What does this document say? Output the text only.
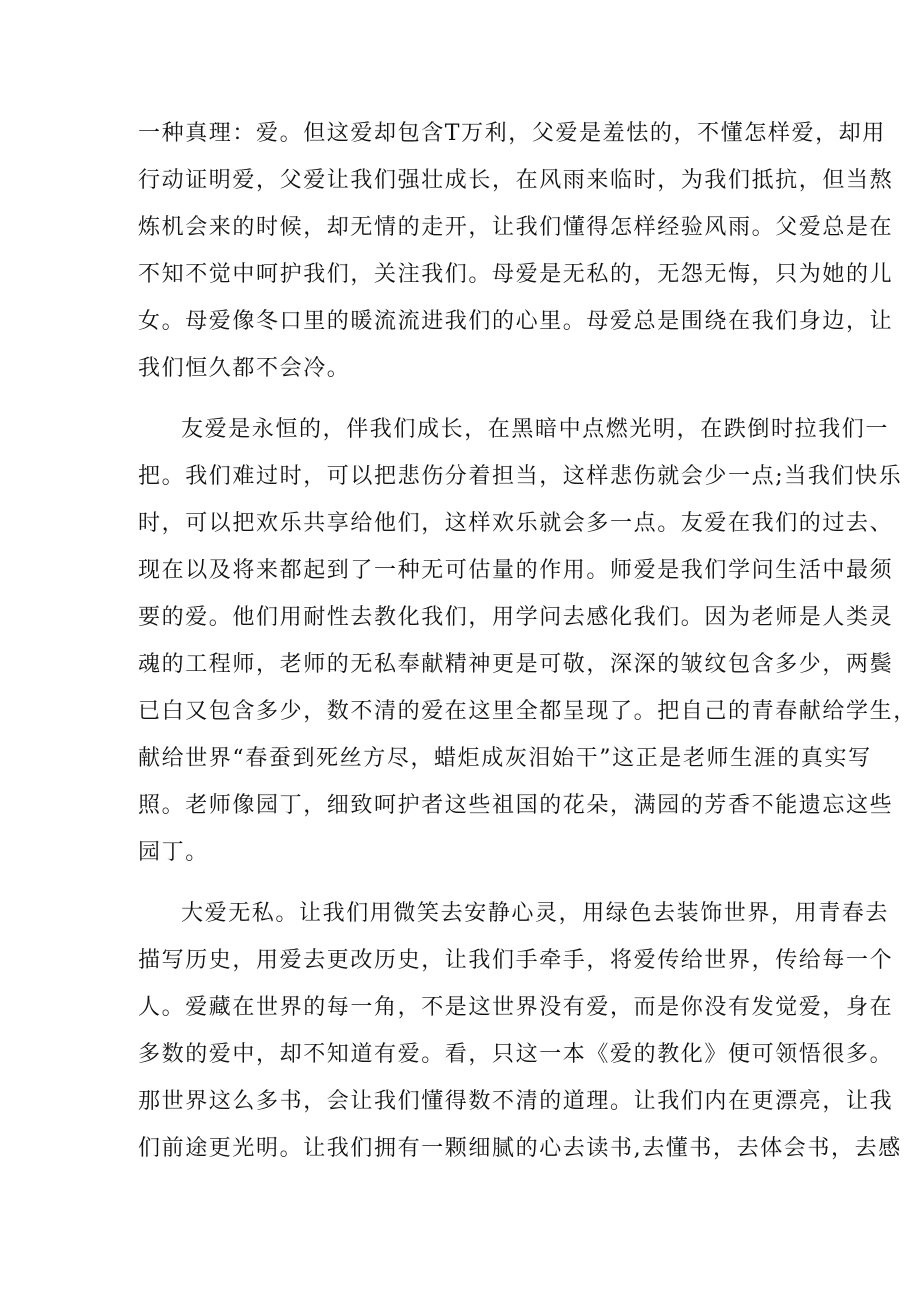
一种真理：爱。但这爱却包含T万利，父爱是羞怯的，不懂怎样爱，却用
行动证明爱，父爱让我们强壮成长，在风雨来临时，为我们抵抗，但当熬
炼机会来的时候，却无情的走开，让我们懂得怎样经验风雨。父爱总是在
不知不觉中呵护我们，关注我们。母爱是无私的，无怨无悔，只为她的儿
女。母爱像冬口里的暖流流进我们的心里。母爱总是围绕在我们身边，让
我们恒久都不会冷。
友爱是永恒的，伴我们成长，在黑暗中点燃光明，在跌倒时拉我们一
把。我们难过时，可以把悲伤分着担当，这样悲伤就会少一点;当我们快乐
时，可以把欢乐共享给他们，这样欢乐就会多一点。友爱在我们的过去、
现在以及将来都起到了一种无可估量的作用。师爱是我们学问生活中最须
要的爱。他们用耐性去教化我们，用学问去感化我们。因为老师是人类灵
魂的工程师，老师的无私奉献精神更是可敬，深深的皱纹包含多少，两鬓
已白又包含多少，数不清的爱在这里全都呈现了。把自己的青春献给学生，
献给世界“春蚕到死丝方尽，蜡炬成灰泪始干”这正是老师生涯的真实写
照。老师像园丁，细致呵护者这些祖国的花朵，满园的芳香不能遗忘这些
园丁。
大爱无私。让我们用微笑去安静心灵，用绿色去装饰世界，用青春去
描写历史，用爱去更改历史，让我们手牵手，将爱传给世界，传给每一个
人。爱藏在世界的每一角，不是这世界没有爱，而是你没有发觉爱，身在
多数的爱中，却不知道有爱。看，只这一本《爱的教化》便可领悟很多。
那世界这么多书，会让我们懂得数不清的道理。让我们内在更漂亮，让我
们前途更光明。让我们拥有一颗细腻的心去读书,去懂书，去体会书，去感
